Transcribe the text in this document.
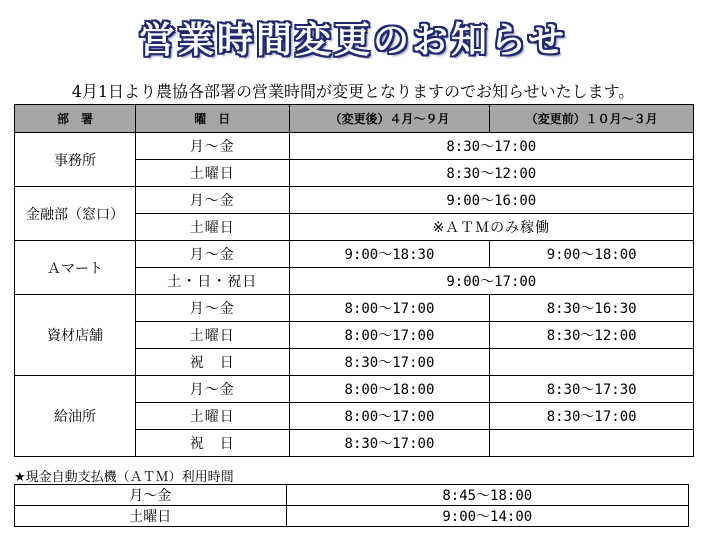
営業時間変更のお知らせ
4月1日より農協各部署の営業時間が変更となりますのでお知らせいたします。
部　署	曜　日	（変更後）４月～９月	（変更前）１０月～３月
事務所	月～金	8:30～17:00	
	土曜日	8:30～12:00	
金融部（窓口）	月～金	9:00～16:00	
	土曜日	※ＡＴＭのみ稼働	
Ａマート	月～金	9:00～18:30	9:00～18:00
	土・日・祝日	9:00～17:00	
資材店舗	月～金	8:00～17:00	8:30～16:30
	土曜日	8:00～17:00	8:30～12:00
	祝　日	8:30～17:00	
給油所	月～金	8:00～18:00	8:30～17:30
	土曜日	8:00～17:00	8:30～17:00
	祝　日	8:30～17:00	
★現金自動支払機（ＡＴＭ）利用時間
月～金	8:45～18:00
土曜日	9:00～14:00
